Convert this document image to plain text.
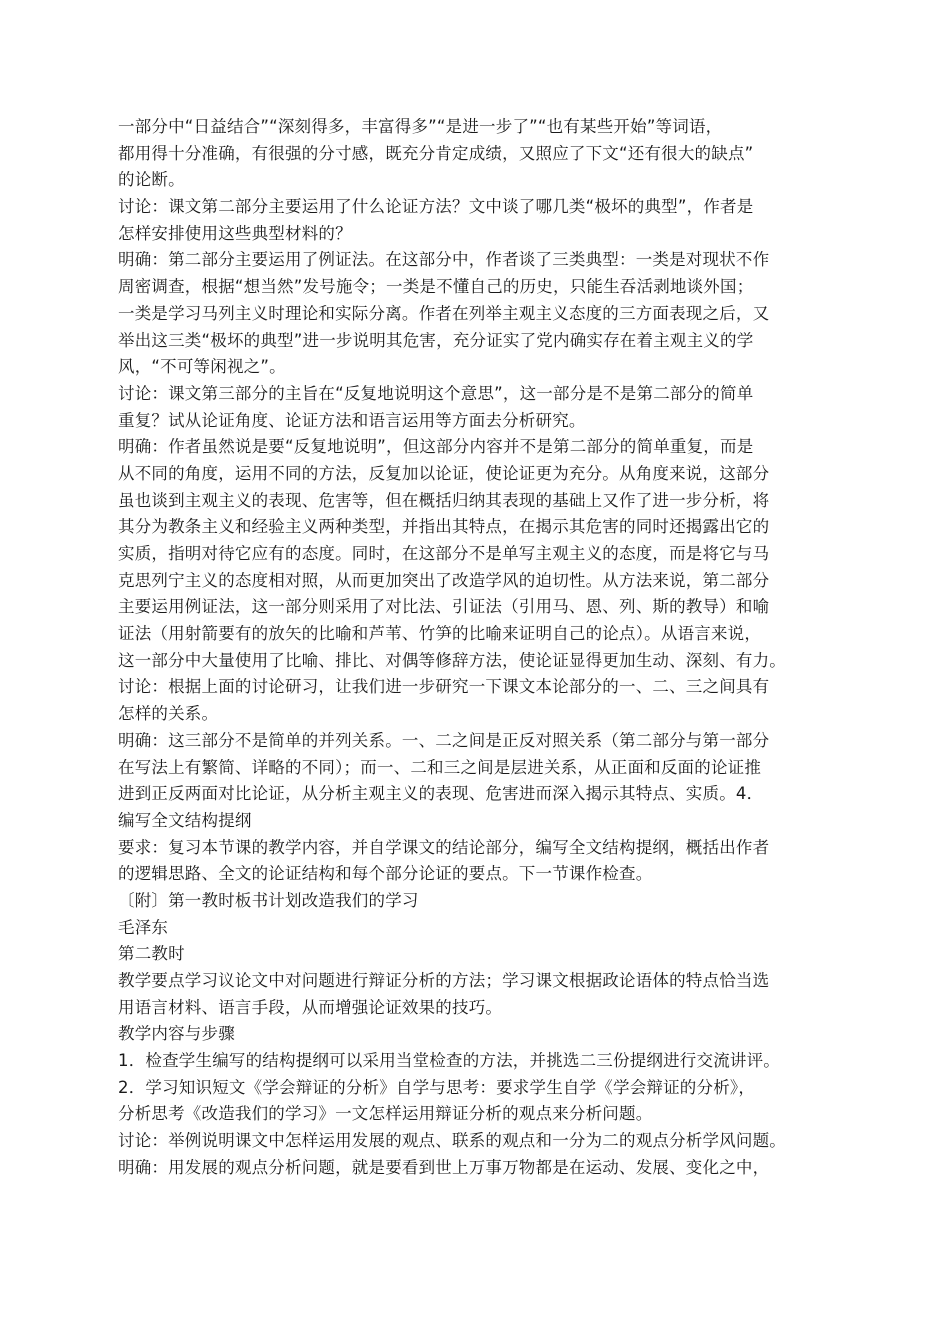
一部分中“日益结合”“深刻得多，丰富得多”“是进一步了”“也有某些开始”等词语，
都用得十分准确，有很强的分寸感，既充分肯定成绩，又照应了下文“还有很大的缺点”
的论断。
讨论：课文第二部分主要运用了什么论证方法？文中谈了哪几类“极坏的典型”，作者是
怎样安排使用这些典型材料的？
明确：第二部分主要运用了例证法。在这部分中，作者谈了三类典型：一类是对现状不作
周密调查，根据“想当然”发号施令；一类是不懂自己的历史，只能生吞活剥地谈外国；
一类是学习马列主义时理论和实际分离。作者在列举主观主义态度的三方面表现之后，又
举出这三类“极坏的典型”进一步说明其危害，充分证实了党内确实存在着主观主义的学
风，“不可等闲视之”。
讨论：课文第三部分的主旨在“反复地说明这个意思”，这一部分是不是第二部分的简单
重复？试从论证角度、论证方法和语言运用等方面去分析研究。
明确：作者虽然说是要“反复地说明”，但这部分内容并不是第二部分的简单重复，而是
从不同的角度，运用不同的方法，反复加以论证，使论证更为充分。从角度来说，这部分
虽也谈到主观主义的表现、危害等，但在概括归纳其表现的基础上又作了进一步分析，将
其分为教条主义和经验主义两种类型，并指出其特点，在揭示其危害的同时还揭露出它的
实质，指明对待它应有的态度。同时，在这部分不是单写主观主义的态度，而是将它与马
克思列宁主义的态度相对照，从而更加突出了改造学风的迫切性。从方法来说，第二部分
主要运用例证法，这一部分则采用了对比法、引证法（引用马、恩、列、斯的教导）和喻
证法（用射箭要有的放矢的比喻和芦苇、竹笋的比喻来证明自己的论点）。从语言来说，
这一部分中大量使用了比喻、排比、对偶等修辞方法，使论证显得更加生动、深刻、有力。
讨论：根据上面的讨论研习，让我们进一步研究一下课文本论部分的一、二、三之间具有
怎样的关系。
明确：这三部分不是简单的并列关系。一、二之间是正反对照关系（第二部分与第一部分
在写法上有繁简、详略的不同）；而一、二和三之间是层进关系，从正面和反面的论证推
进到正反两面对比论证，从分析主观主义的表现、危害进而深入揭示其特点、实质。4．
编写全文结构提纲
要求：复习本节课的教学内容，并自学课文的结论部分，编写全文结构提纲，概括出作者
的逻辑思路、全文的论证结构和每个部分论证的要点。下一节课作检查。
〔附〕第一教时板书计划改造我们的学习
毛泽东
第二教时
教学要点学习议论文中对问题进行辩证分析的方法；学习课文根据政论语体的特点恰当选
用语言材料、语言手段，从而增强论证效果的技巧。
教学内容与步骤
1．检查学生编写的结构提纲可以采用当堂检查的方法，并挑选二三份提纲进行交流讲评。
2．学习知识短文《学会辩证的分析》自学与思考：要求学生自学《学会辩证的分析》，
分析思考《改造我们的学习》一文怎样运用辩证分析的观点来分析问题。
讨论：举例说明课文中怎样运用发展的观点、联系的观点和一分为二的观点分析学风问题。
明确：用发展的观点分析问题，就是要看到世上万事万物都是在运动、发展、变化之中，
